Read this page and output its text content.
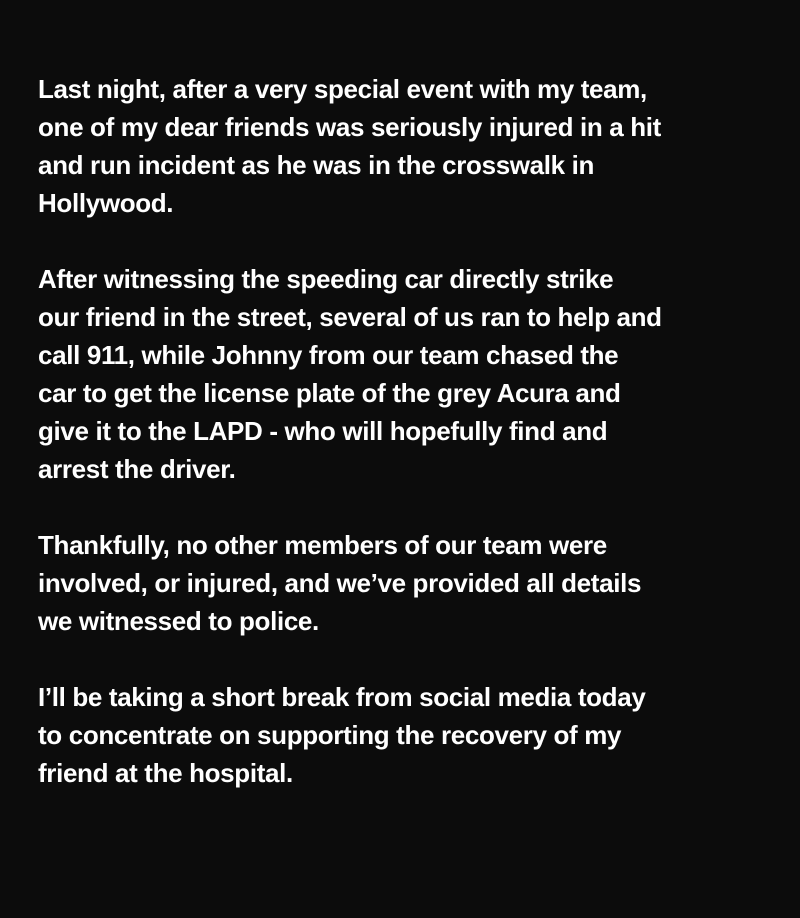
Last night, after a very special event with my team,
one of my dear friends was seriously injured in a hit
and run incident as he was in the crosswalk in
Hollywood.

After witnessing the speeding car directly strike
our friend in the street, several of us ran to help and
call 911, while Johnny from our team chased the
car to get the license plate of the grey Acura and
give it to the LAPD - who will hopefully find and
arrest the driver.

Thankfully, no other members of our team were
involved, or injured, and we’ve provided all details
we witnessed to police.

I’ll be taking a short break from social media today
to concentrate on supporting the recovery of my
friend at the hospital.
